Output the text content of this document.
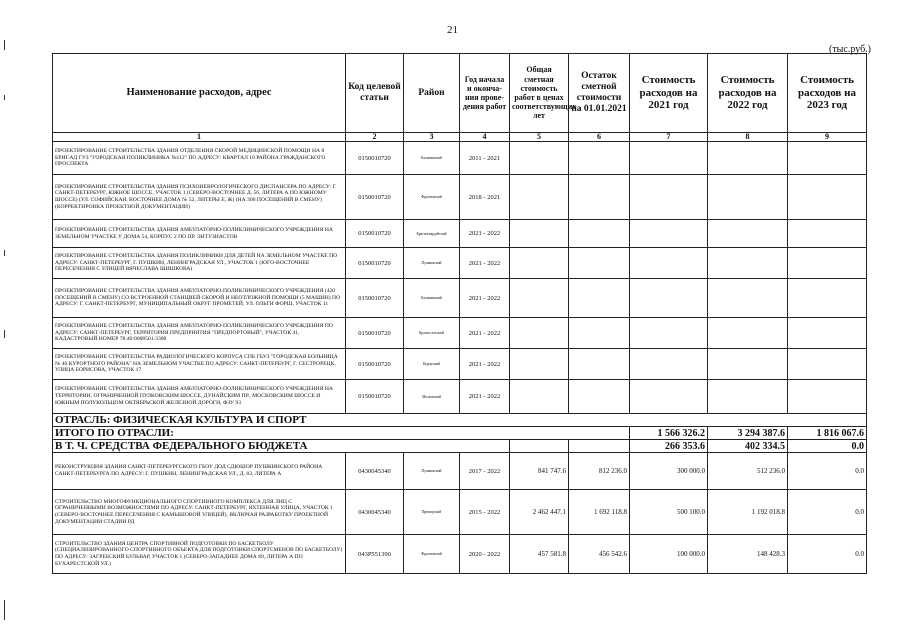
21
(тыс.руб.)
Наименование расходов, адрес	Код целевой статьи	Район	Год начала и оконча-ния прове-дения работ	Общая сметная стоимость работ в ценах соответствующих лет	Остаток сметной стоимости на 01.01.2021	Стоимость расходов на 2021 год	Стоимость расходов на 2022 год	Стоимость расходов на 2023 год
1	2	3	4	5	6	7	8	9
ПРОЕКТИРОВАНИЕ СТРОИТЕЛЬСТВА ЗДАНИЯ ОТДЕЛЕНИЯ СКОРОЙ МЕДИЦИНСКОЙ ПОМОЩИ НА 8 БРИГ.АД ГУЗ "ГОРОДСКАЯ ПОЛИКЛИНИКА №112" ПО АДРЕСУ: КВАРТАЛ 10 РАЙОНА ГРАЖДАНСКОГО ПРОСПЕКТА	0150010720	Калининский	2011 - 2021					
ПРОЕКТИРОВАНИЕ СТРОИТЕЛЬСТВА ЗДАНИЯ ПСИХОНЕВРОЛОГИЧЕСКОГО ДИСПАНСЕРА ПО АДРЕСУ: Г. САНКТ-ПЕТЕРБУРГ, ЮЖНОЕ ШОССЕ, УЧАСТОК 1 (СЕВЕРО-ВОСТОЧНЕЕ Д. 56, ЛИТЕРА А ПО ЮЖНОМУ ШОССЕ) (УЛ. СОФИЙСКАЯ, ВОСТОЧНЕЕ ДОМА № 52, ЛИТЕРЫ Е, Ж) (НА 300 ПОСЕЩЕНИЙ В СМЕНУ) (КОРРЕКТИРОВКА ПРОЕКТНОЙ ДОКУМЕНТАЦИИ)	0150010720	Фрунзенский	2018 - 2021					
ПРОЕКТИРОВАНИЕ СТРОИТЕЛЬСТВА ЗДАНИЯ АМБУЛАТОРНО-ПОЛИКЛИНИЧЕСКОГО УЧРЕЖДЕНИЯ НА ЗЕМЕЛЬНОМ УЧАСТКЕ У ДОМА 54, КОРПУС 2 ПО ПР. ЭНТУЗИАСТОВ	0150010720	Красногвардейский	2021 - 2022					
ПРОЕКТИРОВАНИЕ СТРОИТЕЛЬСТВА ЗДАНИЯ ПОЛИКЛИНИКИ ДЛЯ ДЕТЕЙ НА ЗЕМЕЛЬНОМ УЧАСТКЕ ПО АДРЕСУ: САНКТ-ПЕТЕРБУРГ, Г. ПУШКИН, ЛЕНИНГРАДСКАЯ УЛ., УЧАСТОК 1 (ЮГО-ВОСТОЧНЕЕ ПЕРЕСЕЧЕНИЯ С УЛИЦЕЙ ВЯЧЕСЛАВА ШИШКОВА)	0150010720	Пушкинский	2021 - 2022					
ПРОЕКТИРОВАНИЕ СТРОИТЕЛЬСТВА ЗДАНИЯ АМБУЛАТОРНО-ПОЛИКЛИНИЧЕСКОГО УЧРЕЖДЕНИЯ (420 ПОСЕЩЕНИЙ В СМЕНУ) СО ВСТРОЕННОЙ СТАНЦИЕЙ СКОРОЙ И НЕОТЛОЖНОЙ ПОМОЩИ (5 МАШИН) ПО АДРЕСУ: Г. САНКТ-ПЕТЕРБУРГ, МУНИЦИПАЛЬНЫЙ ОКРУГ ПРОМЕТЕЙ, УЛ. ОЛЬГИ ФОРШ, УЧАСТОК 11	0150010720	Калининский	2021 - 2022					
ПРОЕКТИРОВАНИЕ СТРОИТЕЛЬСТВА ЗДАНИЯ АМБУЛАТОРНО-ПОЛИКЛИНИЧЕСКОГО УЧРЕЖДЕНИЯ ПО АДРЕСУ: САНКТ-ПЕТЕРБУРГ, ТЕРРИТОРИЯ ПРЕДПРИЯТИЯ "ПРЕДПОРТОВЫЙ", УЧАСТОК 41, КАДАСТРОВЫЙ НОМЕР 78:40:0008501:3308	0150010720	Красносельский	2021 - 2022					
ПРОЕКТИРОВАНИЕ СТРОИТЕЛЬСТВА РАДИОЛОГИЧЕСКОГО КОРПУСА СПБ ГБУЗ "ГОРОДСКАЯ БОЛЬНИЦА № 40 КУРОРТНОГО РАЙОНА" НА ЗЕМЕЛЬНОМ УЧАСТКЕ ПО АДРЕСУ: САНКТ-ПЕТЕРБУРГ, Г. СЕСТРОРЕЦК, УЛИЦА БОРИСОВА, УЧАСТОК 17	0150010720	Курортный	2021 - 2022					
ПРОЕКТИРОВАНИЕ СТРОИТЕЛЬСТВА ЗДАНИЯ АМБУЛАТОРНО-ПОЛИКЛИНИЧЕСКОГО УЧРЕЖДЕНИЯ НА ТЕРРИТОРИИ, ОГРАНИЧЕННОЙ ПУЛКОВСКИМ ШОССЕ, ДУНАЙСКИМ ПР., МОСКОВСКИМ ШОССЕ И ЮЖНЫМ ПОЛУКОЛЬЦОМ ОКТЯБРЬСКОЙ ЖЕЛЕЗНОЙ ДОРОГИ, ФЗУ 93	0150010720	Московский	2021 - 2022					
ОТРАСЛЬ: ФИЗИЧЕСКАЯ КУЛЬТУРА И СПОРТ								
ИТОГО ПО ОТРАСЛИ:						1 566 326.2	3 294 387.6	1 816 067.6
В Т. Ч. СРЕДСТВА ФЕДЕРАЛЬНОГО БЮДЖЕТА						266 353.6	402 334.5	0.0
РЕКОНСТРУКЦИЯ ЗДАНИЯ САНКТ-ПЕТЕРБУРГСКОГО ГБОУ ДОД СДЮШОР ПУШКИНСКОГО РАЙОНА САНКТ-ПЕТЕРБУРГА ПО АДРЕСУ: Г. ПУШКИН, ЛЕНИНГРАДСКАЯ УЛ., Д. 83, ЛИТЕРА А	0430045340	Пушкинский	2017 - 2022	841 747.6	812 236.0	300 000.0	512 236.0	0.0
СТРОИТЕЛЬСТВО МНОГОФУНКЦИОНАЛЬНОГО СПОРТИВНОГО КОМПЛЕКСА ДЛЯ ЛИЦ С ОГРАНИЧЕННЫМИ ВОЗМОЖНОСТЯМИ ПО АДРЕСУ: САНКТ-ПЕТЕРБУРГ, ЯХТЕННАЯ УЛИЦА, УЧАСТОК 1 (СЕВЕРО-ВОСТОЧНЕЕ ПЕРЕСЕЧЕНИЯ С КАМЫШОВОЙ УЛИЦЕЙ), ВКЛЮЧАЯ РАЗРАБОТКУ ПРОЕКТНОЙ ДОКУМЕНТАЦИИ СТАДИИ РД	0430045340	Приморский	2015 - 2022	2 462 447.1	1 692 118.8	500 100.0	1 192 018.8	0.0
СТРОИТЕЛЬСТВО ЗДАНИЯ ЦЕНТРА СПОРТИВНОЙ ПОДГОТОВКИ ПО БАСКЕТБОЛУ (СПЕЦИАЛИЗИРОВАННОГО СПОРТИВНОГО ОБЪЕКТА ДЛЯ ПОДГОТОВКИ СПОРТСМЕНОВ ПО БАСКЕТБОЛУ) ПО АДРЕСУ: ЗАГРЕБСКИЙ БУЛЬВАР, УЧАСТОК 1 (СЕВЕРО-ЗАПАДНЕЕ ДОМА 89, ЛИТЕРА А ПО БУХАРЕСТСКОЙ УЛ.)	043P551390	Фрунзенский	2020 - 2022	457 581.8	456 542.6	100 000.0	148 428.3	0.0
